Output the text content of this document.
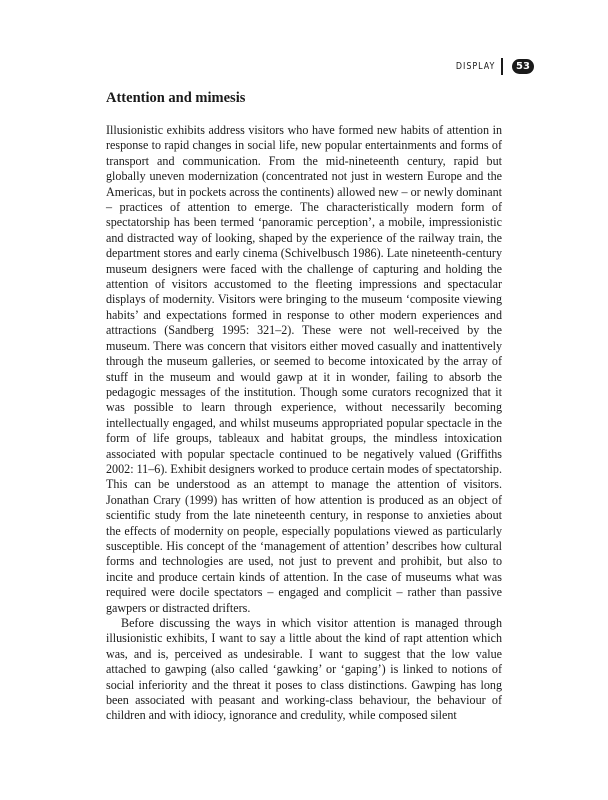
DISPLAY	53
Attention and mimesis

Illusionistic exhibits address visitors who have formed new habits of attention in response to rapid changes in social life, new popular entertainments and forms of transport and communication. From the mid-nineteenth century, rapid but globally uneven modernization (concentrated not just in western Europe and the Americas, but in pockets across the continents) allowed new – or newly dominant – practices of attention to emerge. The characteristically modern form of spectatorship has been termed ‘panoramic perception’, a mobile, impressionistic and distracted way of looking, shaped by the experience of the railway train, the department stores and early cinema (Schivelbusch 1986). Late nineteenth-century museum designers were faced with the challenge of capturing and holding the attention of visitors accustomed to the fleeting impressions and spectacular displays of modernity. Visitors were bringing to the museum ‘composite viewing habits’ and expectations formed in response to other modern experiences and attractions (Sandberg 1995: 321–2). These were not well-received by the museum. There was concern that visitors either moved casually and inattentively through the museum galleries, or seemed to become intoxicated by the array of stuff in the museum and would gawp at it in wonder, failing to absorb the pedagogic messages of the institution. Though some curators recognized that it was possible to learn through experience, without necessarily becoming intellectually engaged, and whilst museums appropriated popular spectacle in the form of life groups, tableaux and habitat groups, the mindless intoxication associated with popular spectacle continued to be negatively valued (Griffiths 2002: 11–6). Exhibit designers worked to produce certain modes of spectatorship. This can be understood as an attempt to manage the attention of visitors. Jonathan Crary (1999) has written of how attention is produced as an object of scientific study from the late nineteenth century, in response to anxieties about the effects of modernity on people, especially populations viewed as particularly susceptible. His concept of the ‘management of attention’ describes how cultural forms and technologies are used, not just to prevent and prohibit, but also to incite and produce certain kinds of attention. In the case of museums what was required were docile spectators – engaged and complicit – rather than passive gawpers or distracted drifters.

Before discussing the ways in which visitor attention is managed through illusionistic exhibits, I want to say a little about the kind of rapt attention which was, and is, perceived as undesirable. I want to suggest that the low value attached to gawping (also called ‘gawking’ or ‘gaping’) is linked to notions of social inferiority and the threat it poses to class distinctions. Gawping has long been associated with peasant and working-class behaviour, the behaviour of children and with idiocy, ignorance and credulity, while composed silent
